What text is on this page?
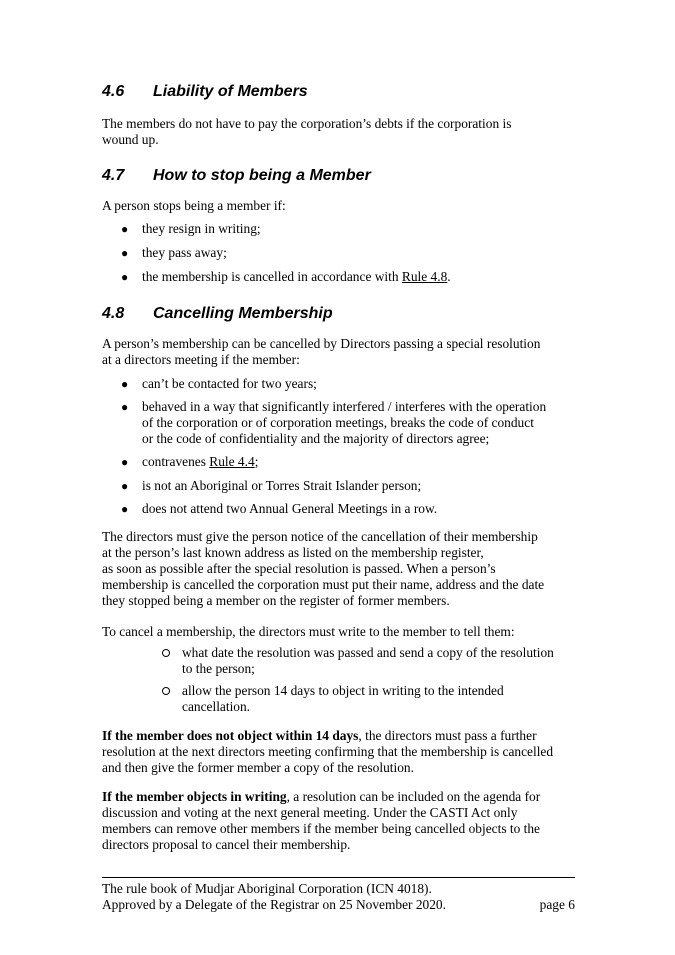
4.6 Liability of Members
The members do not have to pay the corporation’s debts if the corporation is
wound up.
4.7 How to stop being a Member
A person stops being a member if:
● they resign in writing;
● they pass away;
● the membership is cancelled in accordance with Rule 4.8.
4.8 Cancelling Membership
A person’s membership can be cancelled by Directors passing a special resolution
at a directors meeting if the member:
● can’t be contacted for two years;
● behaved in a way that significantly interfered / interferes with the operation
of the corporation or of corporation meetings, breaks the code of conduct
or the code of confidentiality and the majority of directors agree;
● contravenes Rule 4.4;
● is not an Aboriginal or Torres Strait Islander person;
● does not attend two Annual General Meetings in a row.
The directors must give the person notice of the cancellation of their membership
at the person’s last known address as listed on the membership register,
as soon as possible after the special resolution is passed. When a person’s
membership is cancelled the corporation must put their name, address and the date
they stopped being a member on the register of former members.
To cancel a membership, the directors must write to the member to tell them:
what date the resolution was passed and send a copy of the resolution
to the person;
allow the person 14 days to object in writing to the intended
cancellation.
If the member does not object within 14 days, the directors must pass a further
resolution at the next directors meeting confirming that the membership is cancelled
and then give the former member a copy of the resolution.
If the member objects in writing, a resolution can be included on the agenda for
discussion and voting at the next general meeting. Under the CASTI Act only
members can remove other members if the member being cancelled objects to the
directors proposal to cancel their membership.
The rule book of Mudjar Aboriginal Corporation (ICN 4018).
Approved by a Delegate of the Registrar on 25 November 2020.	page 6
